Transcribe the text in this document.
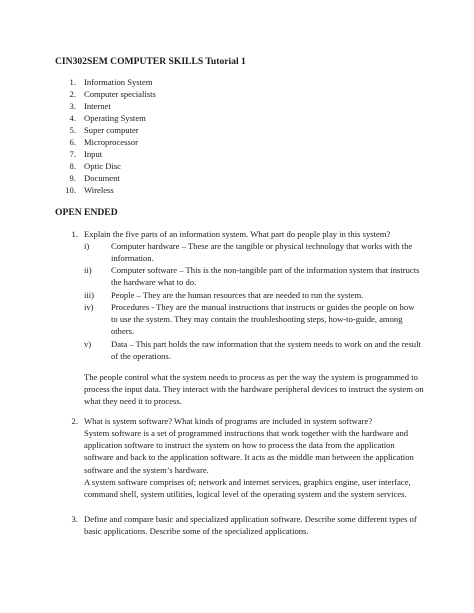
CIN302SEM COMPUTER SKILLS Tutorial 1
1. Information System
2. Computer specialists
3. Internet
4. Operating System
5. Super computer
6. Microprocessor
7. Input
8. Optic Disc
9. Document
10. Wireless
OPEN ENDED
1. Explain the five parts of an information system. What part do people play in this system?
i)	Computer hardware – These are the tangible or physical technology that works with the information.
ii)	Computer software – This is the non-tangible part of the information system that instructs the hardware what to do.
iii)	People – They are the human resources that are needed to run the system.
iv)	Procedures - They are the manual instructions that instructs or guides the people on how to use the system. They may contain the troubleshooting steps, how-to-guide, among others.
v)	Data – This part holds the raw information that the system needs to work on and the result of the operations.
The people control what the system needs to process as per the way the system is programmed to process the input data. They interact with the hardware peripheral devices to instruct the system on what they need it to process.
2. What is system software? What kinds of programs are included in system software?
System software is a set of programmed instructions that work together with the hardware and application software to instruct the system on how to process the data from the application software and back to the application software. It acts as the middle man between the application software and the system’s hardware.
A system software comprises of; network and internet services, graphics engine, user interface, command shell, system utilities, logical level of the operating system and the system services.
3. Define and compare basic and specialized application software. Describe some different types of basic applications. Describe some of the specialized applications.
